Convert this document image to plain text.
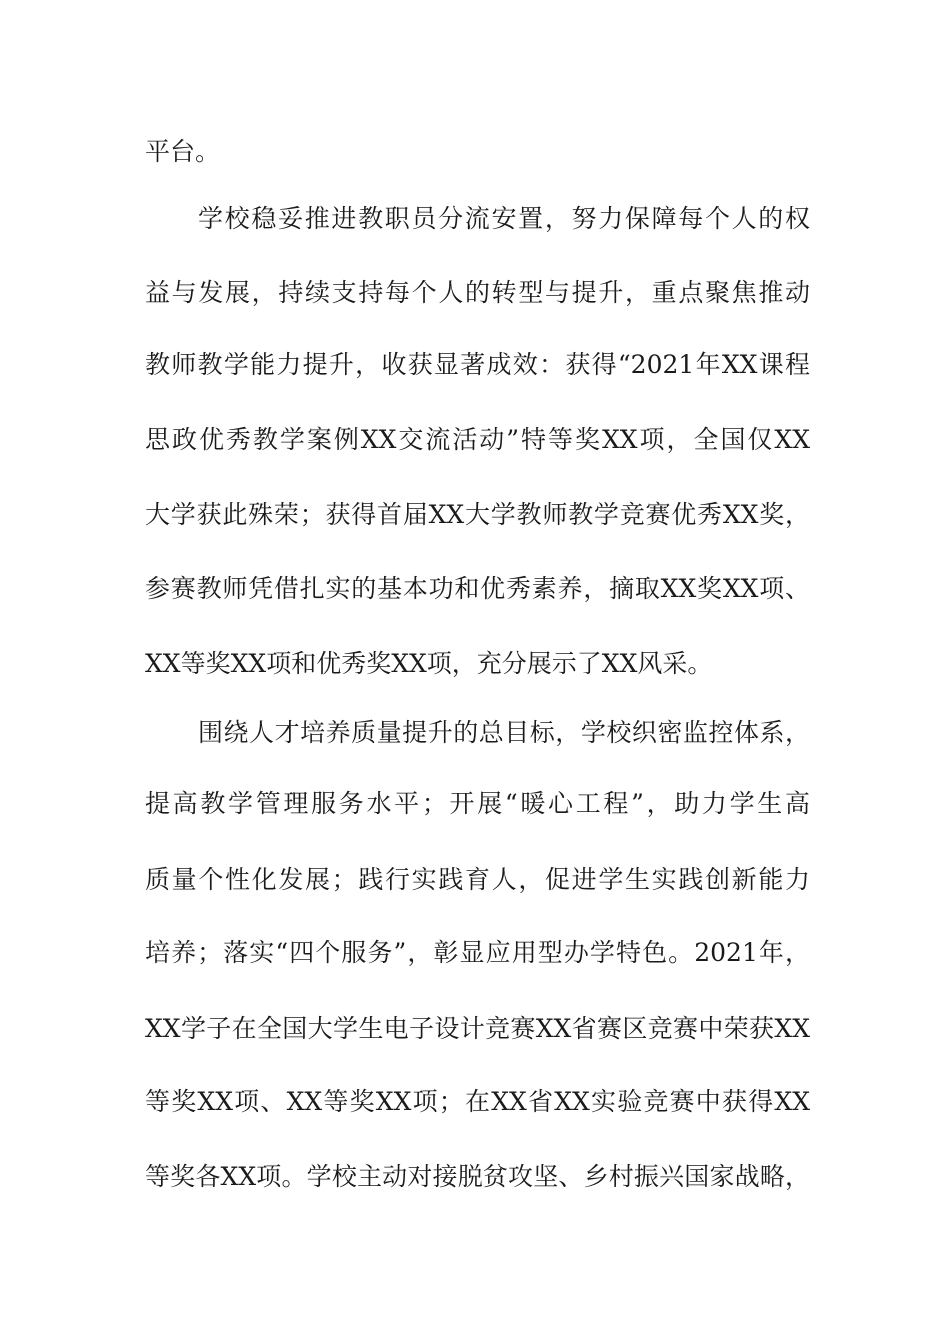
平台。
学校稳妥推进教职员分流安置，努力保障每个人的权
益与发展，持续支持每个人的转型与提升，重点聚焦推动
教师教学能力提升，收获显著成效：获得“2021年XX课程
思政优秀教学案例XX交流活动”特等奖XX项，全国仅XX
大学获此殊荣；获得首届XX大学教师教学竞赛优秀XX奖，
参赛教师凭借扎实的基本功和优秀素养，摘取XX奖XX项、
XX等奖XX项和优秀奖XX项，充分展示了XX风采。
围绕人才培养质量提升的总目标，学校织密监控体系，
提高教学管理服务水平；开展“暖心工程”，助力学生高
质量个性化发展；践行实践育人，促进学生实践创新能力
培养；落实“四个服务”，彰显应用型办学特色。2021年，
XX学子在全国大学生电子设计竞赛XX省赛区竞赛中荣获XX
等奖XX项、XX等奖XX项；在XX省XX实验竞赛中获得XX
等奖各XX项。学校主动对接脱贫攻坚、乡村振兴国家战略，
